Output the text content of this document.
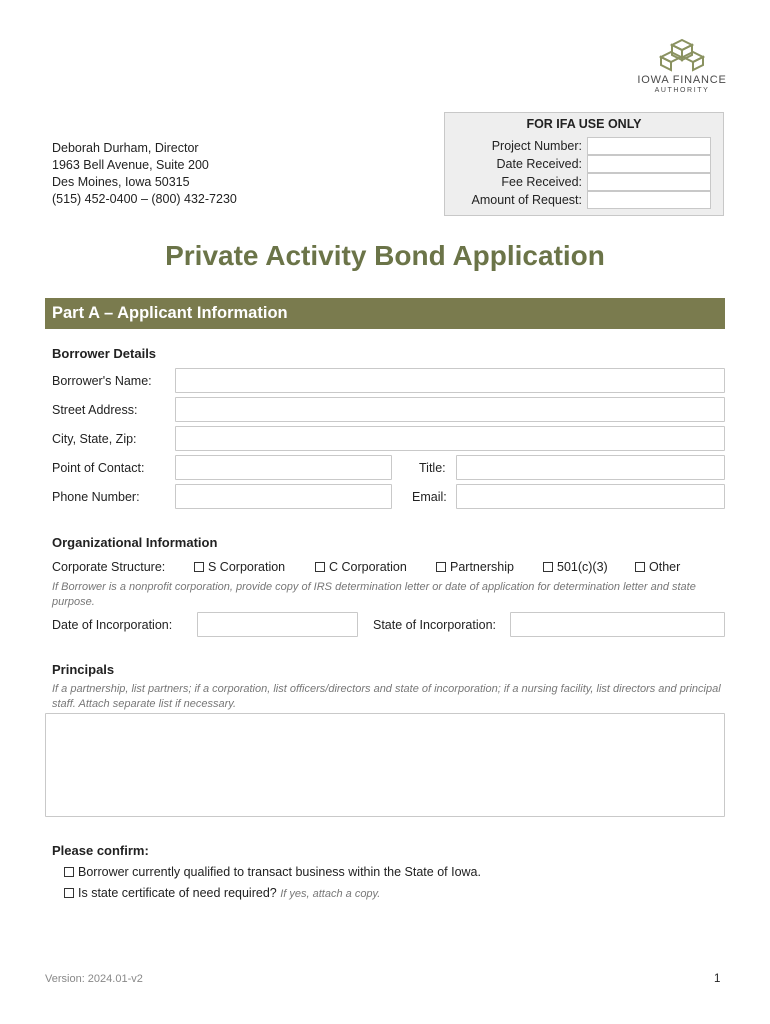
IOWA FINANCE
AUTHORITY
Deborah Durham, Director
1963 Bell Avenue, Suite 200
Des Moines, Iowa 50315
(515) 452-0400 – (800) 432-7230
FOR IFA USE ONLY
Project Number:
Date Received:
Fee Received:
Amount of Request:
Private Activity Bond Application
Part A – Applicant Information
Borrower Details
Borrower's Name:
Street Address:
City, State, Zip:
Point of Contact:	Title:
Phone Number:	Email:
Organizational Information
Corporate Structure:	S Corporation	C Corporation	Partnership	501(c)(3)	Other
If Borrower is a nonprofit corporation, provide copy of IRS determination letter or date of application for determination letter and state purpose.
Date of Incorporation:	State of Incorporation:
Principals
If a partnership, list partners; if a corporation, list officers/directors and state of incorporation; if a nursing facility, list directors and principal staff. Attach separate list if necessary.
Please confirm:
Borrower currently qualified to transact business within the State of Iowa.
Is state certificate of need required? If yes, attach a copy.
Version: 2024.01-v2	1
